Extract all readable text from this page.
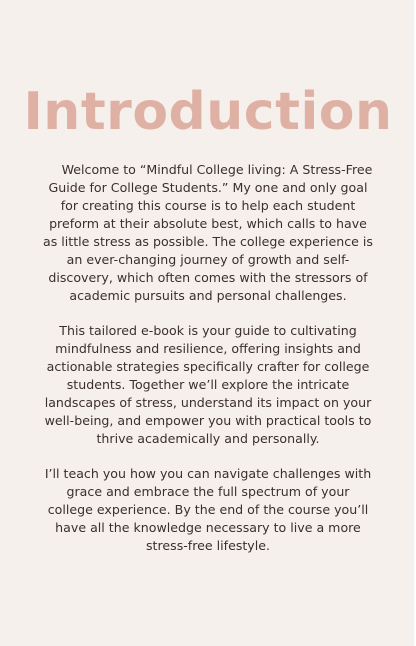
Introduction

Welcome to “Mindful College living: A Stress-Free Guide for College Students.” My one and only goal for creating this course is to help each student preform at their absolute best, which calls to have as little stress as possible. The college experience is an ever-changing journey of growth and self-discovery, which often comes with the stressors of academic pursuits and personal challenges.

This tailored e-book is your guide to cultivating mindfulness and resilience, offering insights and actionable strategies specifically crafter for college students. Together we’ll explore the intricate landscapes of stress, understand its impact on your well-being, and empower you with practical tools to thrive academically and personally.

I’ll teach you how you can navigate challenges with grace and embrace the full spectrum of your college experience. By the end of the course you’ll have all the knowledge necessary to live a more stress-free lifestyle.
